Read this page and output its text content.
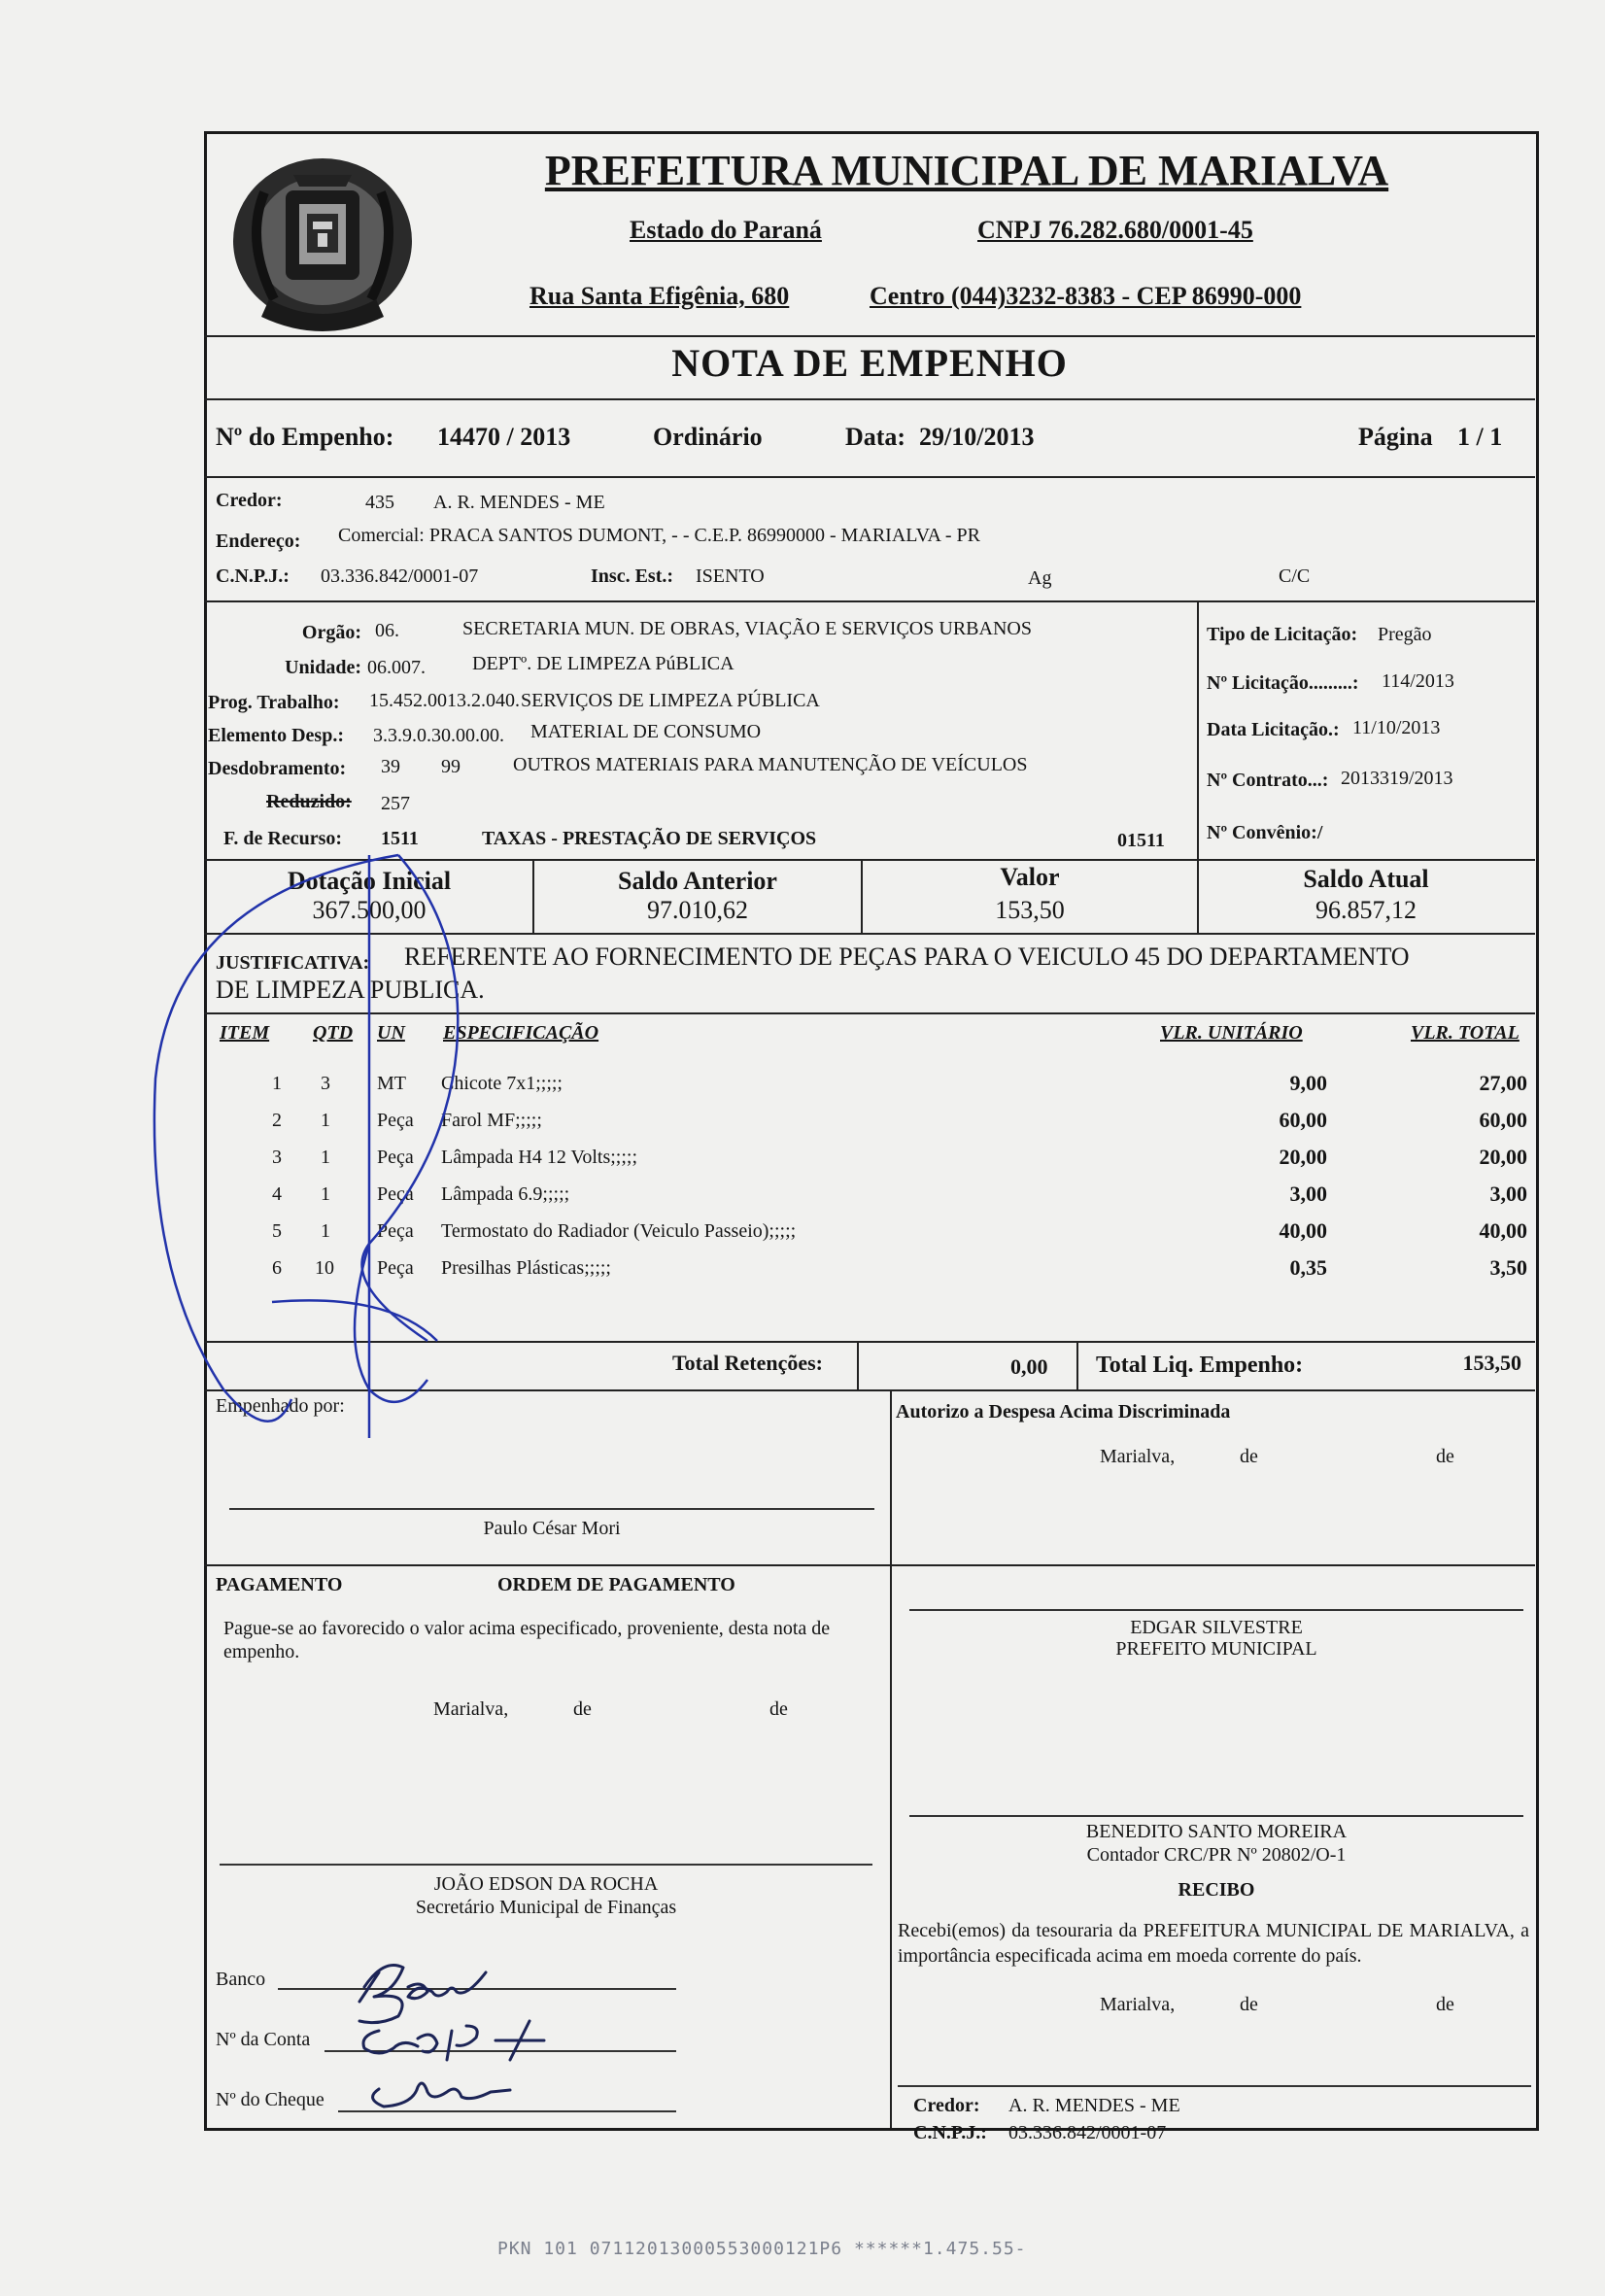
PREFEITURA MUNICIPAL DE MARIALVA
Estado do Paraná	CNPJ 76.282.680/0001-45
Rua Santa Efigênia, 680	Centro (044)3232-8383 - CEP 86990-000
NOTA DE EMPENHO
Nº do Empenho: 14470 / 2013	Ordinário	Data: 29/10/2013	Página 1 / 1
Credor:	435 A. R. MENDES - ME
Endereço: Comercial: PRACA SANTOS DUMONT, - - C.E.P. 86990000 - MARIALVA - PR
C.N.P.J.: 03.336.842/0001-07	Insc. Est.: ISENTO	Ag	C/C
Orgão: 06.	SECRETARIA MUN. DE OBRAS, VIAÇÃO E SERVIÇOS URBANOS
Unidade: 06.007. DEPTº. DE LIMPEZA PúBLICA
Prog. Trabalho: 15.452.0013.2.040. SERVIÇOS DE LIMPEZA PÚBLICA
Elemento Desp.: 3.3.9.0.30.00.00. MATERIAL DE CONSUMO
Desdobramento: 39 99	OUTROS MATERIAIS PARA MANUTENÇÃO DE VEÍCULOS
Reduzido: 257
F. de Recurso: 1511	TAXAS - PRESTAÇÃO DE SERVIÇOS	01511
Tipo de Licitação: Pregão
Nº Licitação.........: 114/2013
Data Licitação.: 11/10/2013
Nº Contrato...: 2013319/2013
Nº Convênio:/
Dotação Inicial
367.500,00
Saldo Anterior
97.010,62
Valor
153,50
Saldo Atual
96.857,12
JUSTIFICATIVA: REFERENTE AO FORNECIMENTO DE PEÇAS PARA O VEICULO 45 DO DEPARTAMENTO
DE LIMPEZA PUBLICA.
ITEM QTD UN ESPECIFICAÇÃO	VLR. UNITÁRIO	VLR. TOTAL
1 3 MT Chicote 7x1;;;;;	9,00	27,00
2 1 Peça Farol MF;;;;;	60,00	60,00
3 1 Peça Lâmpada H4 12 Volts;;;;;	20,00	20,00
4 1 Peça Lâmpada 6.9;;;;;	3,00	3,00
5 1 Peça Termostato do Radiador (Veiculo Passeio);;;;;	40,00	40,00
6 10 Peça Presilhas Plásticas;;;;;	0,35	3,50
Total Retenções:	0,00 Total Liq. Empenho:	153,50
Empenhado por:
Paulo César Mori
Autorizo a Despesa Acima Discriminada
Marialva,	de	de
PAGAMENTO	ORDEM DE PAGAMENTO
Pague-se ao favorecido o valor acima especificado, proveniente, desta nota de empenho.
Marialva,	de	de
EDGAR SILVESTRE
PREFEITO MUNICIPAL
BENEDITO SANTO MOREIRA
Contador CRC/PR Nº 20802/O-1
JOÃO EDSON DA ROCHA
Secretário Municipal de Finanças
RECIBO
Recebi(emos) da tesouraria da PREFEITURA MUNICIPAL DE MARIALVA, a importância especificada acima em moeda corrente do país.
Marialva,	de	de
Credor: A. R. MENDES - ME
C.N.P.J.: 03.336.842/0001-07
Banco
Nº da Conta
Nº do Cheque
PKN 101 07112013000553000121P6 ******1.475.55-
